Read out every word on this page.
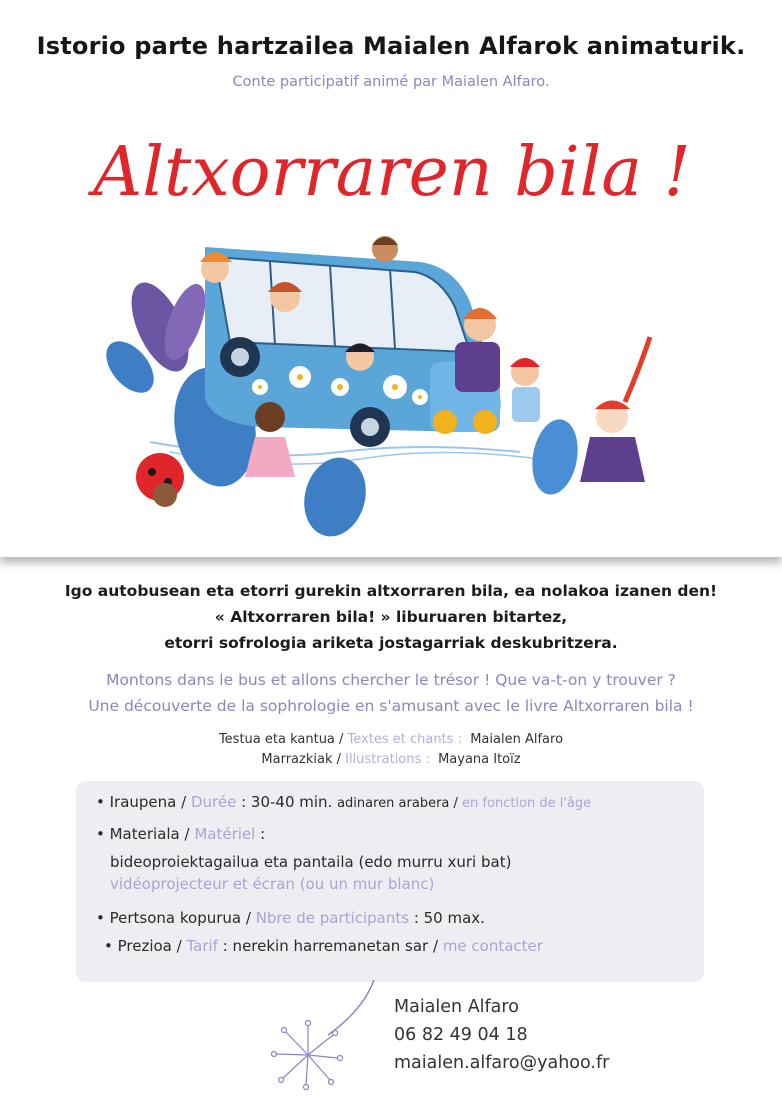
Istorio parte hartzailea Maialen Alfarok animaturik.
Conte participatif animé par Maialen Alfaro.
Altxorraren bila !

Igo autobusean eta etorri gurekin altxorraren bila, ea nolakoa izanen den!

« Altxorraren bila! » liburuaren bitartez,

etorri sofrologia ariketa jostagarriak deskubritzera.

Montons dans le bus et allons chercher le trésor ! Que va-t-on y trouver ?

Une découverte de la sophrologie en s'amusant avec le livre Altxorraren bila !

Testua eta kantua / Textes et chants : Maialen Alfaro
Marrazkiak / Illustrations : Mayana Itoïz
• Iraupena / Durée : 30-40 min. adinaren arabera / en fonction de l'âge
• Materiala / Matériel :
bideoproiektagailua eta pantaila (edo murru xuri bat)
vidéoprojecteur et écran (ou un mur blanc)
• Pertsona kopurua / Nbre de participants : 50 max.
• Prezioa / Tarif : nerekin harremanetan sar / me contacter
Maialen Alfaro
06 82 49 04 18
maialen.alfaro@yahoo.fr
